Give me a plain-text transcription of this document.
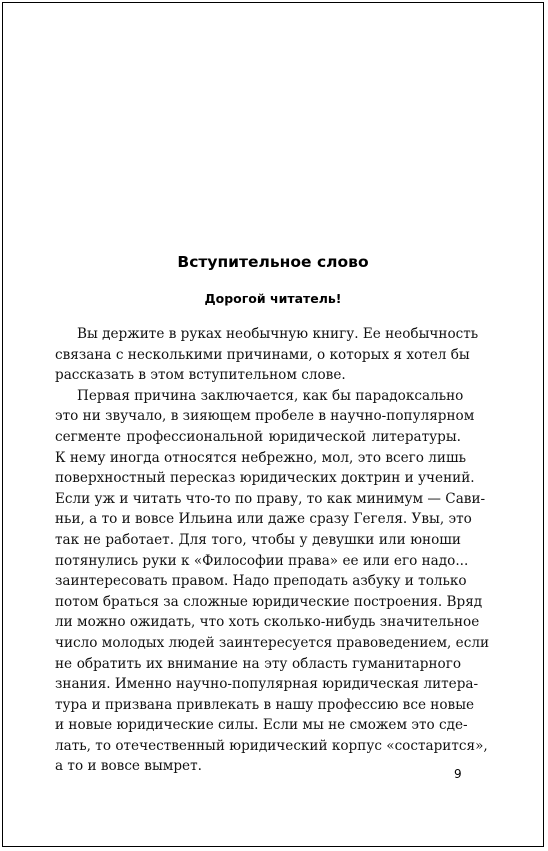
Вступительное слово
Дорогой читатель!
Вы держите в руках необычную книгу. Ее необычность
связана с несколькими причинами, о которых я хотел бы
рассказать в этом вступительном слове.
Первая причина заключается, как бы парадоксально
это ни звучало, в зияющем пробеле в научно-популярном
сегменте профессиональной юридической литературы.
К нему иногда относятся небрежно, мол, это всего лишь
поверхностный пересказ юридических доктрин и учений.
Если уж и читать что-то по праву, то как минимум — Сави-
ньи, а то и вовсе Ильина или даже сразу Гегеля. Увы, это
так не работает. Для того, чтобы у девушки или юноши
потянулись руки к «Философии права» ее или его надо...
заинтересовать правом. Надо преподать азбуку и только
потом браться за сложные юридические построения. Вряд
ли можно ожидать, что хоть сколько-нибудь значительное
число молодых людей заинтересуется правоведением, если
не обратить их внимание на эту область гуманитарного
знания. Именно научно-популярная юридическая литера-
тура и призвана привлекать в нашу профессию все новые
и новые юридические силы. Если мы не сможем это сде-
лать, то отечественный юридический корпус «состарится»,
а то и вовсе вымрет.	9
